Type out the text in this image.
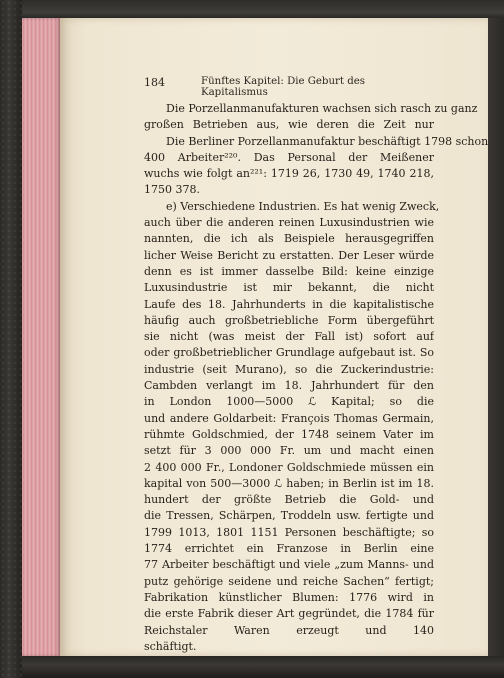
184	Fünftes Kapitel: Die Geburt des Kapitalismus
Die Porzellanmanufakturen wachsen sich rasch zu ganz
großen Betrieben aus, wie deren die Zeit nur
Die Berliner Porzellanmanufaktur beschäftigt 1798 schon
400 Arbeiter²²⁰. Das Personal der Meißener
wuchs wie folgt an²²¹: 1719 26, 1730 49, 1740 218,
1750 378.
e) Verschiedene Industrien. Es hat wenig Zweck,
auch über die anderen reinen Luxusindustrien wie
nannten, die ich als Beispiele herausgegriffen
licher Weise Bericht zu erstatten. Der Leser würde
denn es ist immer dasselbe Bild: keine einzige
Luxusindustrie ist mir bekannt, die nicht
Laufe des 18. Jahrhunderts in die kapitalistische
häufig auch großbetriebliche Form übergeführt
sie nicht (was meist der Fall ist) sofort auf
oder großbetrieblicher Grundlage aufgebaut ist. So
industrie (seit Murano), so die Zuckerindustrie:
Cambden verlangt im 18. Jahrhundert für den
in London 1000—5000 ℒ Kapital; so die
und andere Goldarbeit: François Thomas Germain,
rühmte Goldschmied, der 1748 seinem Vater im
setzt für 3 000 000 Fr. um und macht einen
2 400 000 Fr., Londoner Goldschmiede müssen ein
kapital von 500—3000 ℒ haben; in Berlin ist im 18.
hundert der größte Betrieb die Gold- und
die Tressen, Schärpen, Troddeln usw. fertigte und
1799 1013, 1801 1151 Personen beschäftigte; so
1774 errichtet ein Franzose in Berlin eine
77 Arbeiter beschäftigt und viele „zum Manns- und
putz gehörige seidene und reiche Sachen“ fertigt;
Fabrikation künstlicher Blumen: 1776 wird in
die erste Fabrik dieser Art gegründet, die 1784 für
Reichstaler Waren erzeugt und 140
schäftigt.
